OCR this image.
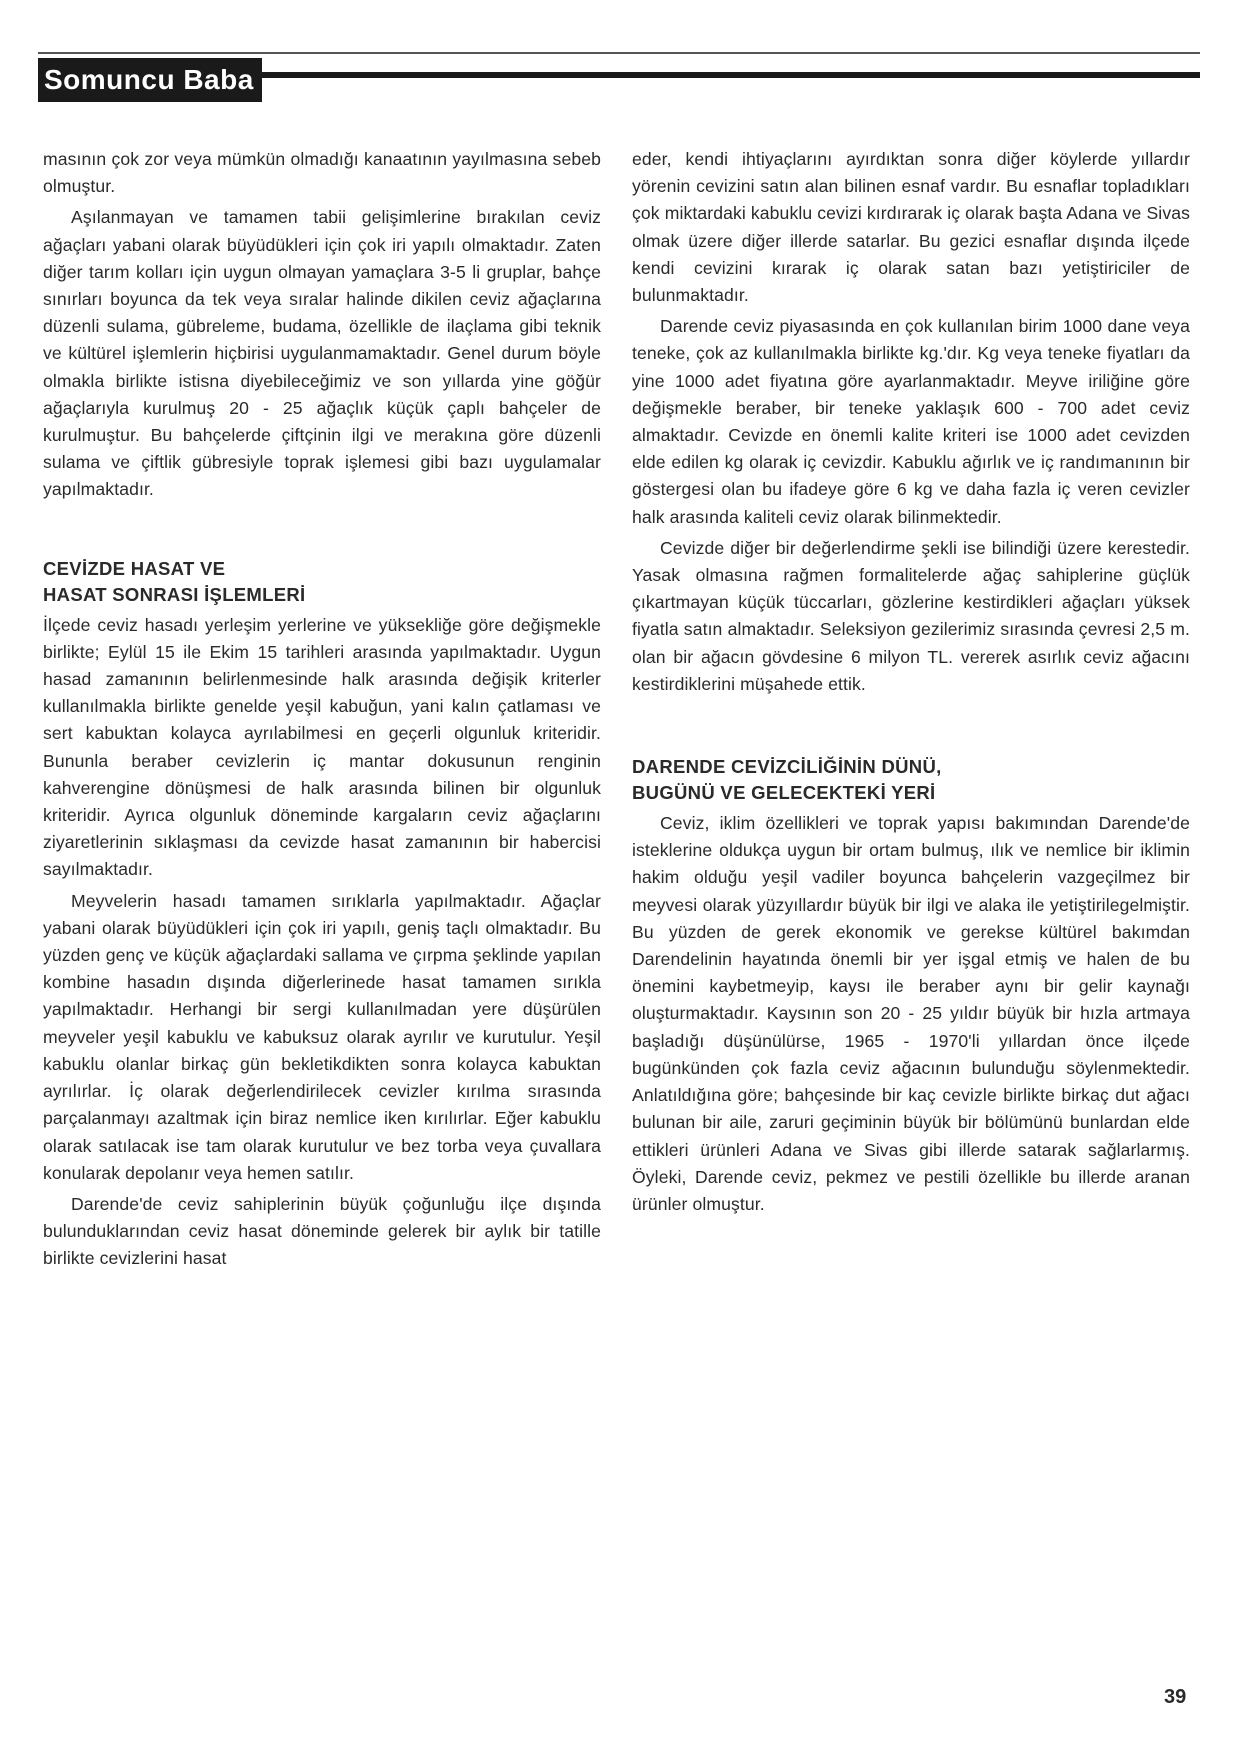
Somuncu Baba

masının çok zor veya mümkün olmadığı kanaatının yayılmasına sebeb olmuştur.

Aşılanmayan ve tamamen tabii gelişimlerine bırakılan ceviz ağaçları yabani olarak büyüdükleri için çok iri yapılı olmaktadır. Zaten diğer tarım kolları için uygun olmayan yamaçlara 3-5 li gruplar, bahçe sınırları boyunca da tek veya sıralar halinde dikilen ceviz ağaçlarına düzenli sulama, gübreleme, budama, özellikle de ilaçlama gibi teknik ve kültürel işlemlerin hiçbirisi uygulanmamaktadır. Genel durum böyle olmakla birlikte istisna diyebileceğimiz ve son yıllarda yine göğür ağaçlarıyla kurulmuş 20 - 25 ağaçlık küçük çaplı bahçeler de kurulmuştur. Bu bahçelerde çiftçinin ilgi ve merakına göre düzenli sulama ve çiftlik gübresiyle toprak işlemesi gibi bazı uygulamalar yapılmaktadır.

CEVİZDE HASAT VE
HASAT SONRASI İŞLEMLERİ

İlçede ceviz hasadı yerleşim yerlerine ve yüksekliğe göre değişmekle birlikte; Eylül 15 ile Ekim 15 tarihleri arasında yapılmaktadır. Uygun hasad zamanının belirlenmesinde halk arasında değişik kriterler kullanılmakla birlikte genelde yeşil kabuğun, yani kalın çatlaması ve sert kabuktan kolayca ayrılabilmesi en geçerli olgunluk kriteridir. Bununla beraber cevizlerin iç mantar dokusunun renginin kahverengine dönüşmesi de halk arasında bilinen bir olgunluk kriteridir. Ayrıca olgunluk döneminde kargaların ceviz ağaçlarını ziyaretlerinin sıklaşması da cevizde hasat zamanının bir habercisi sayılmaktadır.

Meyvelerin hasadı tamamen sırıklarla yapılmaktadır. Ağaçlar yabani olarak büyüdükleri için çok iri yapılı, geniş taçlı olmaktadır. Bu yüzden genç ve küçük ağaçlardaki sallama ve çırpma şeklinde yapılan kombine hasadın dışında diğerlerinede hasat tamamen sırıkla yapılmaktadır. Herhangi bir sergi kullanılmadan yere düşürülen meyveler yeşil kabuklu ve kabuksuz olarak ayrılır ve kurutulur. Yeşil kabuklu olanlar birkaç gün bekletikdikten sonra kolayca kabuktan ayrılırlar. İç olarak değerlendirilecek cevizler kırılma sırasında parçalanmayı azaltmak için biraz nemlice iken kırılırlar. Eğer kabuklu olarak satılacak ise tam olarak kurutulur ve bez torba veya çuvallara konularak depolanır veya hemen satılır.

Darende'de ceviz sahiplerinin büyük çoğunluğu ilçe dışında bulunduklarından ceviz hasat döneminde gelerek bir aylık bir tatille birlikte cevizlerini hasat

eder, kendi ihtiyaçlarını ayırdıktan sonra diğer köylerde yıllardır yörenin cevizini satın alan bilinen esnaf vardır. Bu esnaflar topladıkları çok miktardaki kabuklu cevizi kırdırarak iç olarak başta Adana ve Sivas olmak üzere diğer illerde satarlar. Bu gezici esnaflar dışında ilçede kendi cevizini kırarak iç olarak satan bazı yetiştiriciler de bulunmaktadır.

Darende ceviz piyasasında en çok kullanılan birim 1000 dane veya teneke, çok az kullanılmakla birlikte kg.'dır. Kg veya teneke fiyatları da yine 1000 adet fiyatına göre ayarlanmaktadır. Meyve iriliğine göre değişmekle beraber, bir teneke yaklaşık 600 - 700 adet ceviz almaktadır. Cevizde en önemli kalite kriteri ise 1000 adet cevizden elde edilen kg olarak iç cevizdir. Kabuklu ağırlık ve iç randımanının bir göstergesi olan bu ifadeye göre 6 kg ve daha fazla iç veren cevizler halk arasında kaliteli ceviz olarak bilinmektedir.

Cevizde diğer bir değerlendirme şekli ise bilindiği üzere kerestedir. Yasak olmasına rağmen formalitelerde ağaç sahiplerine güçlük çıkartmayan küçük tüccarları, gözlerine kestirdikleri ağaçları yüksek fiyatla satın almaktadır. Seleksiyon gezilerimiz sırasında çevresi 2,5 m. olan bir ağacın gövdesine 6 milyon TL. vererek asırlık ceviz ağacını kestirdiklerini müşahede ettik.

DARENDE CEVİZCİLİĞİNİN DÜNÜ,
BUGÜNÜ VE GELECEKTEKİ YERİ

Ceviz, iklim özellikleri ve toprak yapısı bakımından Darende'de isteklerine oldukça uygun bir ortam bulmuş, ılık ve nemlice bir iklimin hakim olduğu yeşil vadiler boyunca bahçelerin vazgeçilmez bir meyvesi olarak yüzyıllardır büyük bir ilgi ve alaka ile yetiştirilegelmiştir. Bu yüzden de gerek ekonomik ve gerekse kültürel bakımdan Darendelinin hayatında önemli bir yer işgal etmiş ve halen de bu önemini kaybetmeyip, kaysı ile beraber aynı bir gelir kaynağı oluşturmaktadır. Kaysının son 20 - 25 yıldır büyük bir hızla artmaya başladığı düşünülürse, 1965 - 1970'li yıllardan önce ilçede bugünkünden çok fazla ceviz ağacının bulunduğu söylenmektedir. Anlatıldığına göre; bahçesinde bir kaç cevizle birlikte birkaç dut ağacı bulunan bir aile, zaruri geçiminin büyük bir bölümünü bunlardan elde ettikleri ürünleri Adana ve Sivas gibi illerde satarak sağlarlarmış. Öyleki, Darende ceviz, pekmez ve pestili özellikle bu illerde aranan ürünler olmuştur.

39
